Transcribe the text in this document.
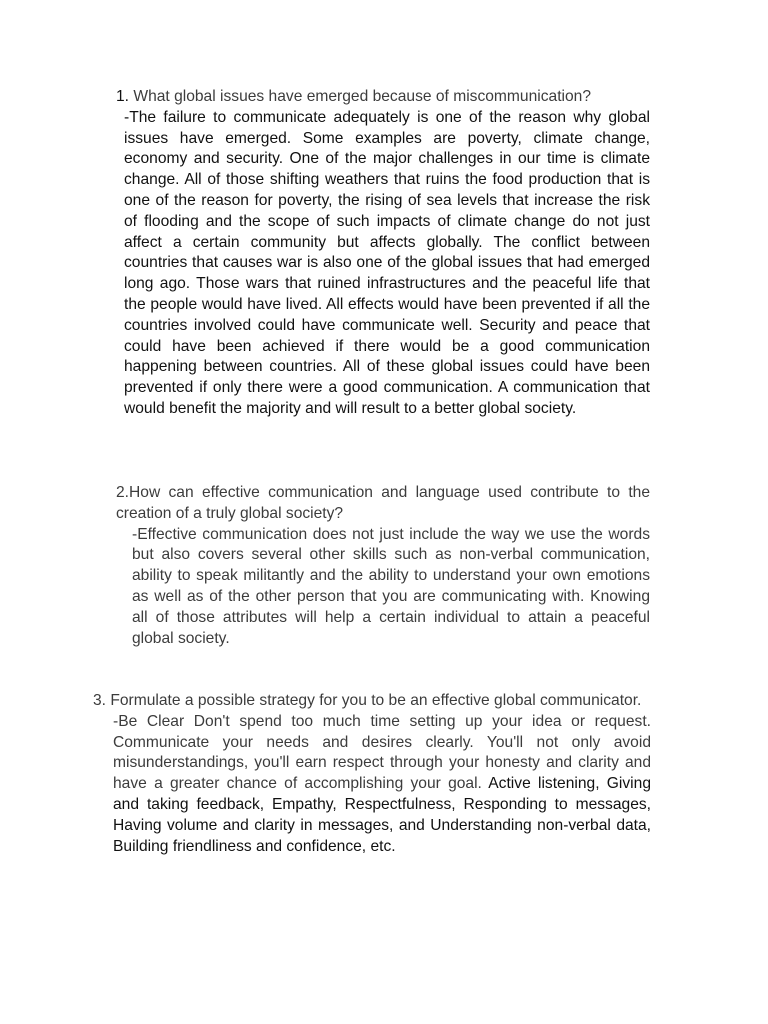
1. What global issues have emerged because of miscommunication?

-The failure to communicate adequately is one of the reason why global issues have emerged. Some examples are poverty, climate change, economy and security. One of the major challenges in our time is climate change. All of those shifting weathers that ruins the food production that is one of the reason for poverty, the rising of sea levels that increase the risk of flooding and the scope of such impacts of climate change do not just affect a certain community but affects globally. The conflict between countries that causes war is also one of the global issues that had emerged long ago. Those wars that ruined infrastructures and the peaceful life that the people would have lived. All effects would have been prevented if all the countries involved could have communicate well. Security and peace that could have been achieved if there would be a good communication happening between countries. All of these global issues could have been prevented if only there were a good communication. A communication that would benefit the majority and will result to a better global society.

2.How can effective communication and language used contribute to the creation of a truly global society?

-Effective communication does not just include the way we use the words but also covers several other skills such as non-verbal communication, ability to speak militantly and the ability to understand your own emotions as well as of the other person that you are communicating with. Knowing all of those attributes will help a certain individual to attain a peaceful global society.

3. Formulate a possible strategy for you to be an effective global communicator.

-Be Clear Don't spend too much time setting up your idea or request. Communicate your needs and desires clearly. You'll not only avoid misunderstandings, you'll earn respect through your honesty and clarity and have a greater chance of accomplishing your goal. Active listening, Giving and taking feedback, Empathy, Respectfulness, Responding to messages, Having volume and clarity in messages, and Understanding non-verbal data, Building friendliness and confidence, etc.
